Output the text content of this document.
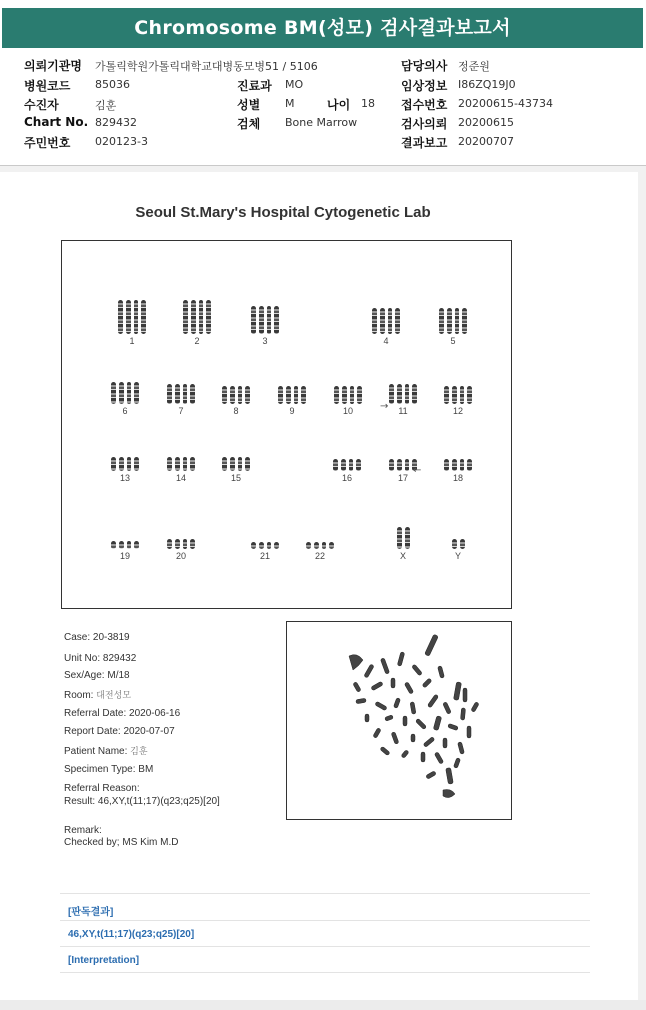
Chromosome BM(성모) 검사결과보고서
의뢰기관명 가톨릭학원가톨릭대학교대병동모병51 / 5106	담당의사 정준원
병원코드 85036	진료과 MO	임상정보 I86ZQ19J0
수진자	김훈	성별 M	나이 18 접수번호 20200615-43734
Chart No. 829432	검체 Bone Marrow	검사의뢰 20200615
주민번호 020123-3	결과보고 20200707
Seoul St.Mary's Hospital Cytogenetic Lab
1	2	3	4	5
6	7	8	9	10	11	12
13	14	15	16	17	18
19	20	21	22	X	Y
→
←
Case: 20-3819
Unit No: 829432
Sex/Age: M/18
Room: 대전성모
Referral Date: 2020-06-16
Report Date: 2020-07-07
Patient Name: 김훈
Specimen Type: BM
Referral Reason:
Result: 46,XY,t(11;17)(q23;q25)[20]
Remark:
Checked by; MS Kim M.D
[판독결과]
46,XY,t(11;17)(q23;q25)[20]
[Interpretation]
